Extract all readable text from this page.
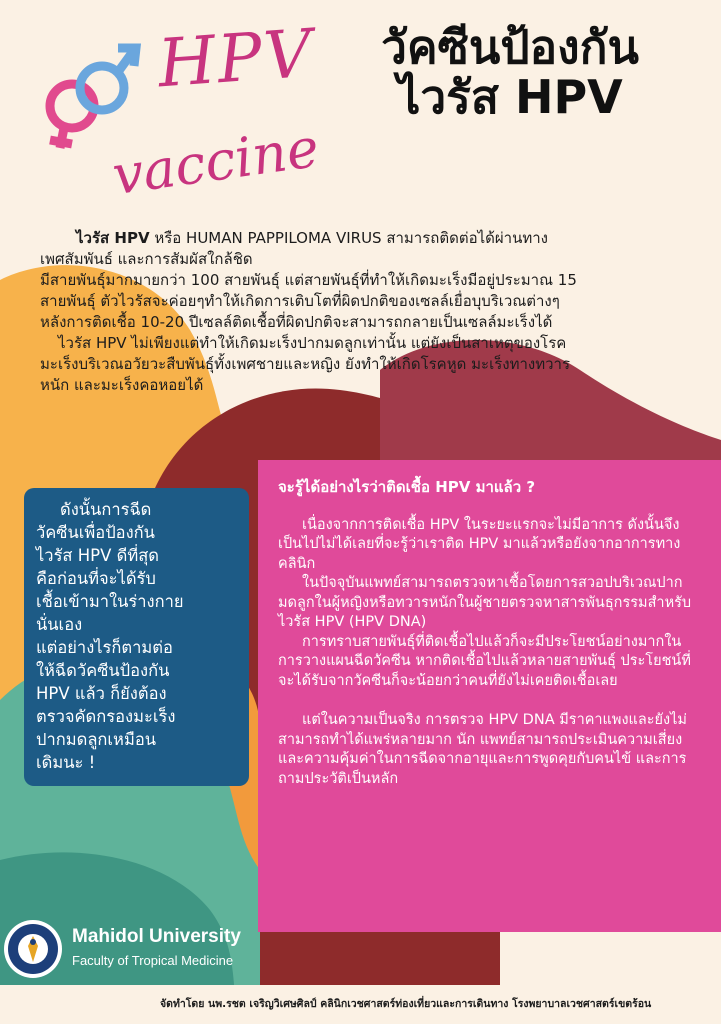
HPV
vaccine
วัคซีนป้องกัน
ไวรัส HPV

ไวรัส HPV หรือ HUMAN PAPPILOMA VIRUS สามารถติดต่อได้ผ่านทาง

เพศสัมพันธ์ และการสัมผัสใกล้ชิด

มีสายพันธุ์มากมายกว่า 100 สายพันธุ์ แต่สายพันธุ์ที่ทำให้เกิดมะเร็งมีอยู่ประมาณ 15

สายพันธุ์ ตัวไวรัสจะค่อยๆทำให้เกิดการเติบโตที่ผิดปกติของเซลล์เยื่อบุบริเวณต่างๆ

หลังการติดเชื้อ 10-20 ปีเซลล์ติดเชื้อที่ผิดปกติจะสามารถกลายเป็นเซลล์มะเร็งได้

ไวรัส HPV ไม่เพียงแต่ทำให้เกิดมะเร็งปากมดลูกเท่านั้น แต่ยังเป็นสาเหตุของโรค

มะเร็งบริเวณอวัยวะสืบพันธุ์ทั้งเพศชายและหญิง ยังทำให้เกิดโรคหูด มะเร็งทางทวาร

หนัก และมะเร็งคอหอยได้

ดังนั้นการฉีด
วัคซีนเพื่อป้องกัน
ไวรัส HPV ดีที่สุด
คือก่อนที่จะได้รับ
เชื้อเข้ามาในร่างกาย
นั่นเอง
แต่อย่างไรก็ตามต่อ
ให้ฉีดวัคซีนป้องกัน
HPV แล้ว ก็ยังต้อง
ตรวจคัดกรองมะเร็ง
ปากมดลูกเหมือน
เดิมนะ !
จะรู้ได้อย่างไรว่าติดเชื้อ HPV มาแล้ว ?

เนื่องจากการติดเชื้อ HPV ในระยะแรกจะไม่มีอาการ ดังนั้นจึงเป็นไปไม่ได้เลยที่จะรู้ว่าเราติด HPV มาแล้วหรือยังจากอาการทางคลินิก

ในปัจจุบันแพทย์สามารถตรวจหาเชื้อโดยการสวอปบริเวณปากมดลูกในผู้หญิงหรือทวารหนักในผู้ชายตรวจหาสารพันธุกรรมสำหรับไวรัส HPV (HPV DNA)

การทราบสายพันธุ์ที่ติดเชื้อไปแล้วก็จะมีประโยชน์อย่างมากในการวางแผนฉีดวัคซีน หากติดเชื้อไปแล้วหลายสายพันธุ์ ประโยชน์ที่จะได้รับจากวัคซีนก็จะน้อยกว่าคนที่ยังไม่เคยติดเชื้อเลย

แต่ในความเป็นจริง การตรวจ HPV DNA มีราคาแพงและยังไม่สามารถทำได้แพร่หลายมาก นัก แพทย์สามารถประเมินความเสี่ยงและความคุ้มค่าในการฉีดจากอายุและการพูดคุยกับคนไข้ และการถามประวัติเป็นหลัก

Mahidol University
Faculty of Tropical Medicine
จัดทำโดย นพ.รชต เจริญวิเศษศิลป์ คลินิกเวชศาสตร์ท่องเที่ยวและการเดินทาง โรงพยาบาลเวชศาสตร์เขตร้อน
